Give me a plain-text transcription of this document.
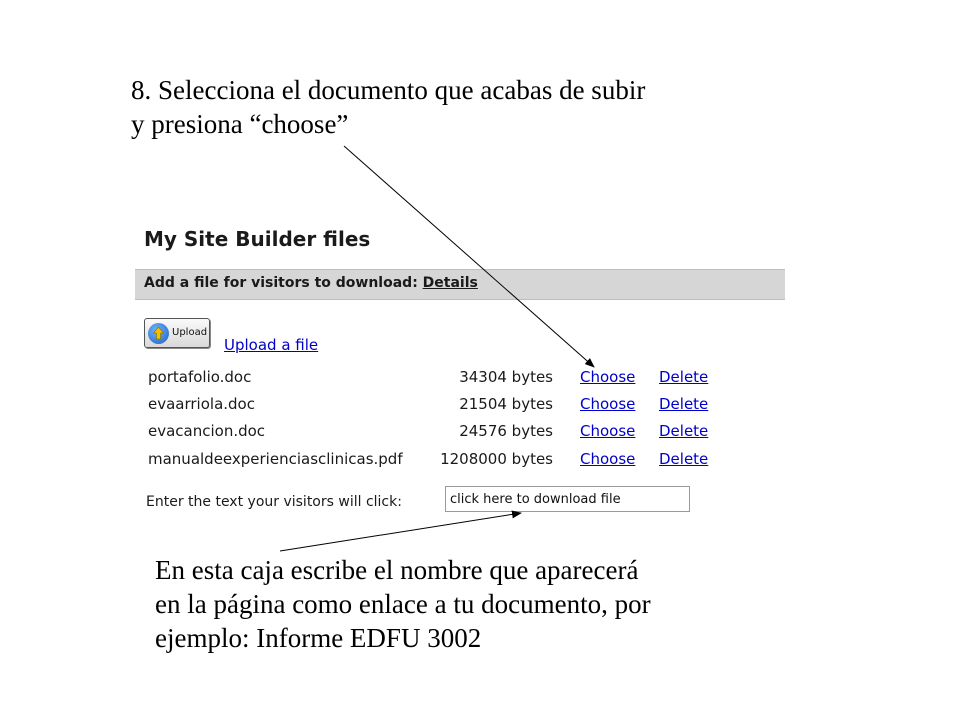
8. Selecciona el documento que acabas de subir
y presiona “choose”
My Site Builder files
Add a file for visitors to download: Details
Upload
Upload a file
portafolio.doc	34304 bytes Choose Delete
evaarriola.doc	21504 bytes Choose Delete
evacancion.doc	24576 bytes Choose Delete
manualdeexperienciasclinicas.pdf 1208000 bytes Choose Delete
Enter the text your visitors will click:
click here to download file
En esta caja escribe el nombre que aparecerá
en la página como enlace a tu documento, por
ejemplo: Informe EDFU 3002
